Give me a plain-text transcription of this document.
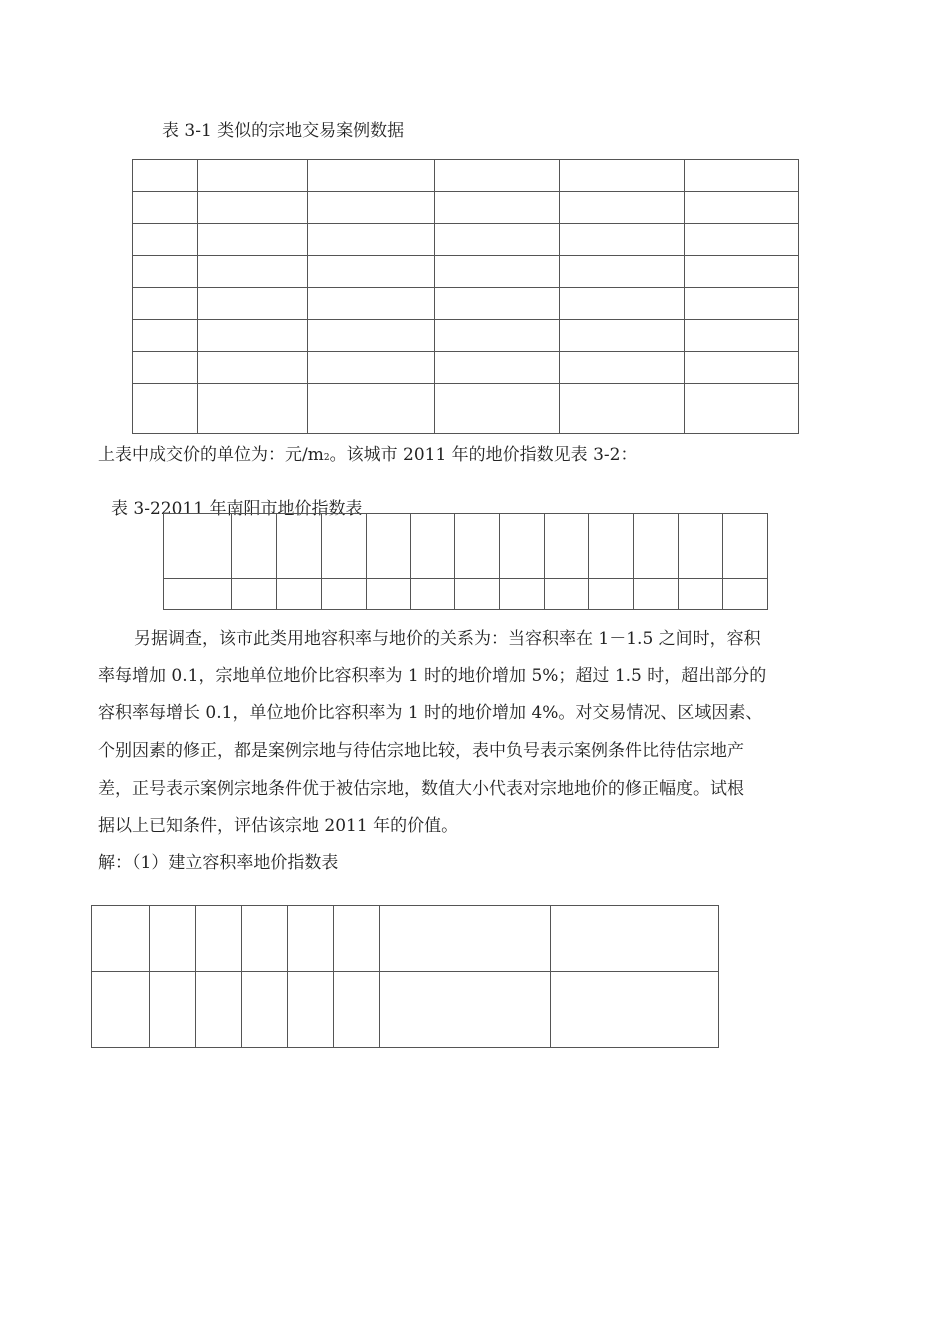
表 3-1 类似的宗地交易案例数据

上表中成交价的单位为：元/m2。该城市 2011 年的地价指数见表 3-2：
表 3-22011 年南阳市地价指数表

另据调查，该市此类用地容积率与地价的关系为：当容积率在 1－1.5 之间时，容积
率每增加 0.1，宗地单位地价比容积率为 1 时的地价增加 5%；超过 1.5 时，超出部分的
容积率每增长 0.1，单位地价比容积率为 1 时的地价增加 4%。对交易情况、区域因素、
个别因素的修正，都是案例宗地与待估宗地比较，表中负号表示案例条件比待估宗地产
差，正号表示案例宗地条件优于被估宗地，数值大小代表对宗地地价的修正幅度。试根
据以上已知条件，评估该宗地 2011 年的价值。
解：（1）建立容积率地价指数表
